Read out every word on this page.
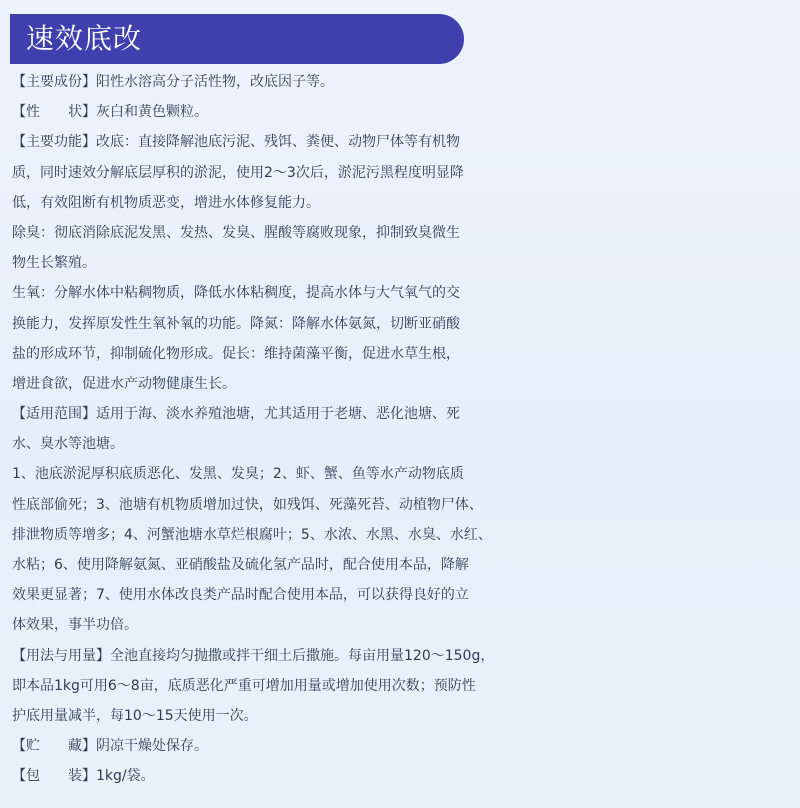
速效底改
【主要成份】阳性水溶高分子活性物，改底因子等。
【性　　状】灰白和黄色颗粒。
【主要功能】改底：直接降解池底污泥、残饵、粪便、动物尸体等有机物
质，同时速效分解底层厚积的淤泥，使用2～3次后，淤泥污黑程度明显降
低，有效阻断有机物质恶变，增进水体修复能力。
除臭：彻底消除底泥发黑、发热、发臭、腥酸等腐败现象，抑制致臭微生
物生长繁殖。
生氧：分解水体中粘稠物质，降低水体粘稠度，提高水体与大气氧气的交
换能力，发挥原发性生氧补氧的功能。降氮：降解水体氨氮，切断亚硝酸
盐的形成环节，抑制硫化物形成。促长：维持菌藻平衡，促进水草生根，
增进食欲，促进水产动物健康生长。
【适用范围】适用于海、淡水养殖池塘，尤其适用于老塘、恶化池塘、死
水、臭水等池塘。
1、池底淤泥厚积底质恶化、发黑、发臭；2、虾、蟹、鱼等水产动物底质
性底部偷死；3、池塘有机物质增加过快，如残饵、死藻死苔、动植物尸体、
排泄物质等增多；4、河蟹池塘水草烂根腐叶；5、水浓、水黑、水臭、水红、
水粘；6、使用降解氨氮、亚硝酸盐及硫化氢产品时，配合使用本品，降解
效果更显著；7、使用水体改良类产品时配合使用本品，可以获得良好的立
体效果，事半功倍。
【用法与用量】全池直接均匀抛撒或拌干细土后撒施。每亩用量120～150g，
即本品1kg可用6～8亩，底质恶化严重可增加用量或增加使用次数；预防性
护底用量减半，每10～15天使用一次。
【贮　　藏】阴凉干燥处保存。
【包　　装】1kg/袋。
